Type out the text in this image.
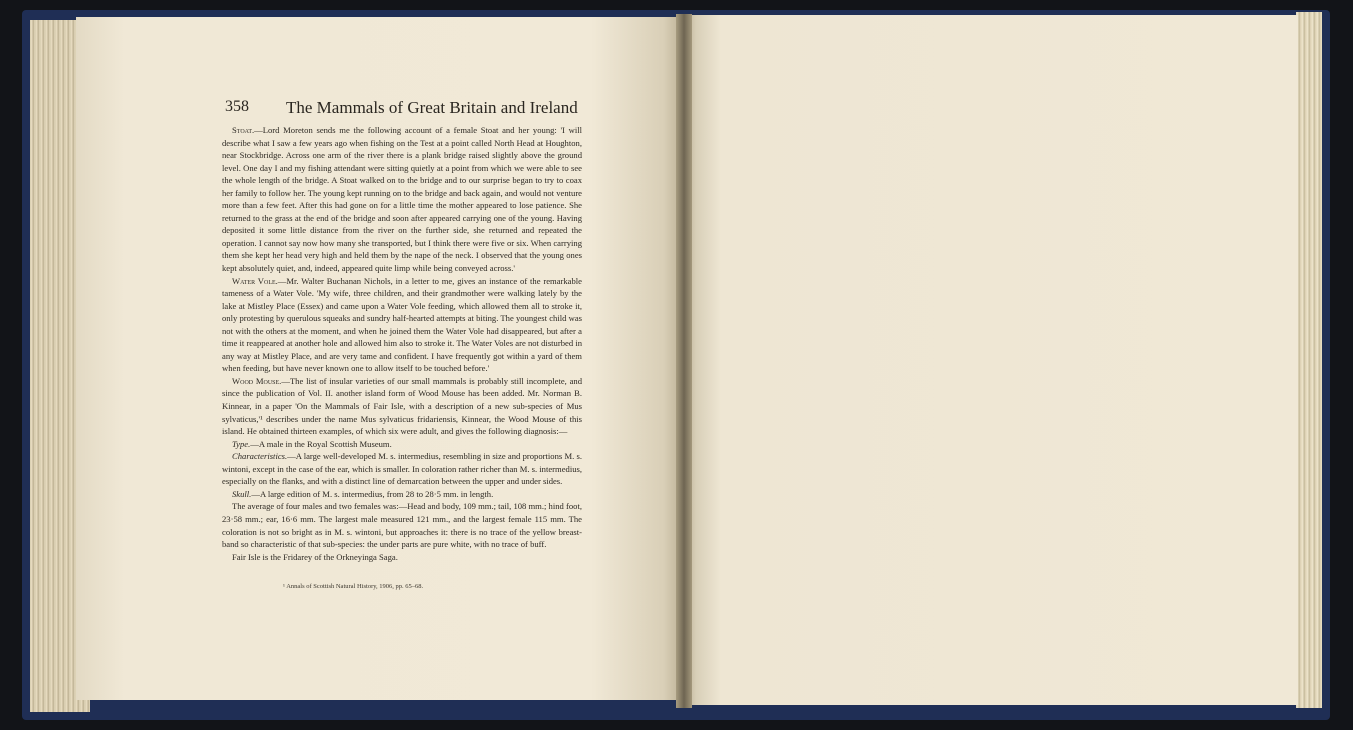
358 The Mammals of Great Britain and Ireland

Stoat.—Lord Moreton sends me the following account of a female Stoat and her young: 'I will describe what I saw a few years ago when fishing on the Test at a point called North Head at Houghton, near Stockbridge. Across one arm of the river there is a plank bridge raised slightly above the ground level. One day I and my fishing attendant were sitting quietly at a point from which we were able to see the whole length of the bridge. A Stoat walked on to the bridge and to our surprise began to try to coax her family to follow her. The young kept running on to the bridge and back again, and would not venture more than a few feet. After this had gone on for a little time the mother appeared to lose patience. She returned to the grass at the end of the bridge and soon after appeared carrying one of the young. Having deposited it some little distance from the river on the further side, she returned and repeated the operation. I cannot say now how many she transported, but I think there were five or six. When carrying them she kept her head very high and held them by the nape of the neck. I observed that the young ones kept absolutely quiet, and, indeed, appeared quite limp while being conveyed across.'

Water Vole.—Mr. Walter Buchanan Nichols, in a letter to me, gives an instance of the remarkable tameness of a Water Vole. 'My wife, three children, and their grandmother were walking lately by the lake at Mistley Place (Essex) and came upon a Water Vole feeding, which allowed them all to stroke it, only protesting by querulous squeaks and sundry half-hearted attempts at biting. The youngest child was not with the others at the moment, and when he joined them the Water Vole had disappeared, but after a time it reappeared at another hole and allowed him also to stroke it. The Water Voles are not disturbed in any way at Mistley Place, and are very tame and confident. I have frequently got within a yard of them when feeding, but have never known one to allow itself to be touched before.'

Wood Mouse.—The list of insular varieties of our small mammals is probably still incomplete, and since the publication of Vol. II. another island form of Wood Mouse has been added. Mr. Norman B. Kinnear, in a paper 'On the Mammals of Fair Isle, with a description of a new sub-species of Mus sylvaticus,'¹ describes under the name Mus sylvaticus fridariensis, Kinnear, the Wood Mouse of this island. He obtained thirteen examples, of which six were adult, and gives the following diagnosis:—

Type.—A male in the Royal Scottish Museum.

Characteristics.—A large well-developed M. s. intermedius, resembling in size and proportions M. s. wintoni, except in the case of the ear, which is smaller. In coloration rather richer than M. s. intermedius, especially on the flanks, and with a distinct line of demarcation between the upper and under sides.

Skull.—A large edition of M. s. intermedius, from 28 to 28·5 mm. in length.

The average of four males and two females was:—Head and body, 109 mm.; tail, 108 mm.; hind foot, 23·58 mm.; ear, 16·6 mm. The largest male measured 121 mm., and the largest female 115 mm. The coloration is not so bright as in M. s. wintoni, but approaches it: there is no trace of the yellow breast-band so characteristic of that sub-species: the under parts are pure white, with no trace of buff.

Fair Isle is the Fridarey of the Orkneyinga Saga.

¹ Annals of Scottish Natural History, 1906, pp. 65–68.
